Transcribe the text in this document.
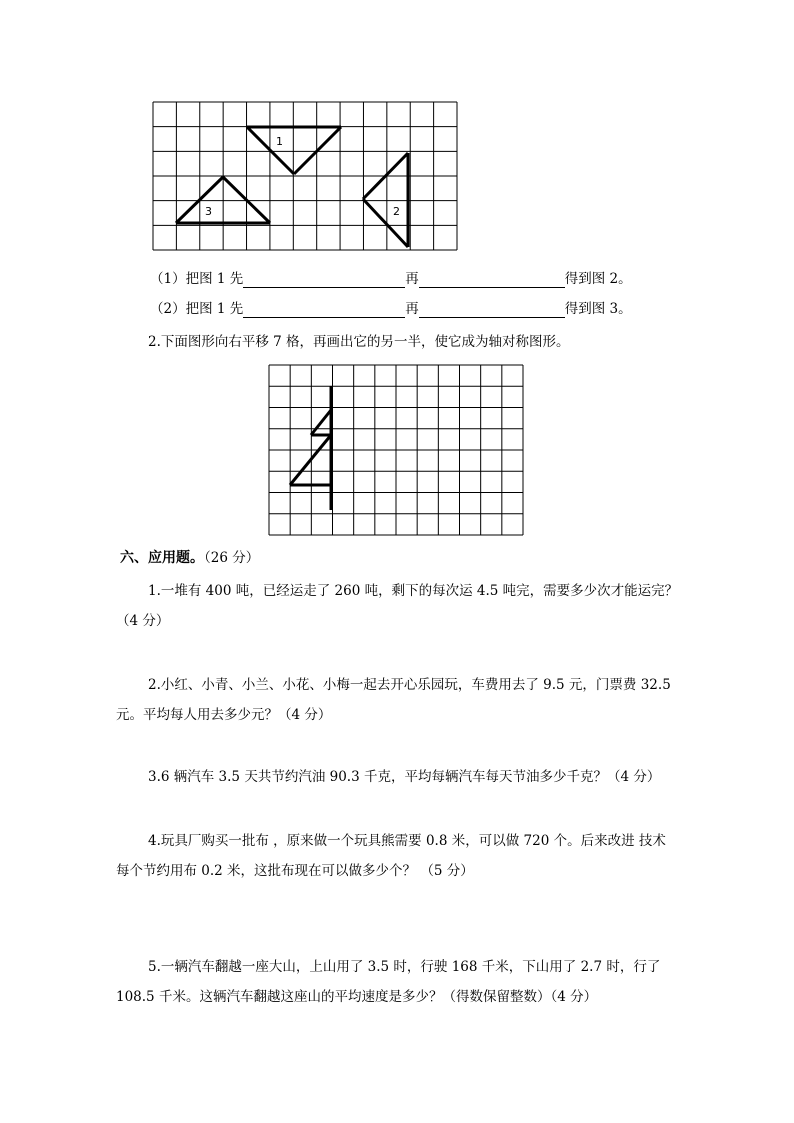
1
2
3
（1）把图 1 先	再	得到图 2。
（2）把图 1 先	再	得到图 3。
2.下面图形向右平移 7 格，再画出它的另一半，使它成为轴对称图形。
六、应用题。（26 分）
1.一堆有 400 吨，已经运走了 260 吨，剩下的每次运 4.5 吨完，需要多少次才能运完？
（4 分）
2.小红、小青、小兰、小花、小梅一起去开心乐园玩，车费用去了 9.5 元，门票费 32.5
元。平均每人用去多少元？（4 分）
3.6 辆汽车 3.5 天共节约汽油 90.3 千克，平均每辆汽车每天节油多少千克？（4 分）
4.玩具厂购买一批布 ，原来做一个玩具熊需要 0.8 米，可以做 720 个。后来改进 技术
每个节约用布 0.2 米，这批布现在可以做多少个？ （5 分）
5.一辆汽车翻越一座大山，上山用了 3.5 时，行驶 168 千米，下山用了 2.7 时，行了
108.5 千米。这辆汽车翻越这座山的平均速度是多少？（得数保留整数）（4 分）
